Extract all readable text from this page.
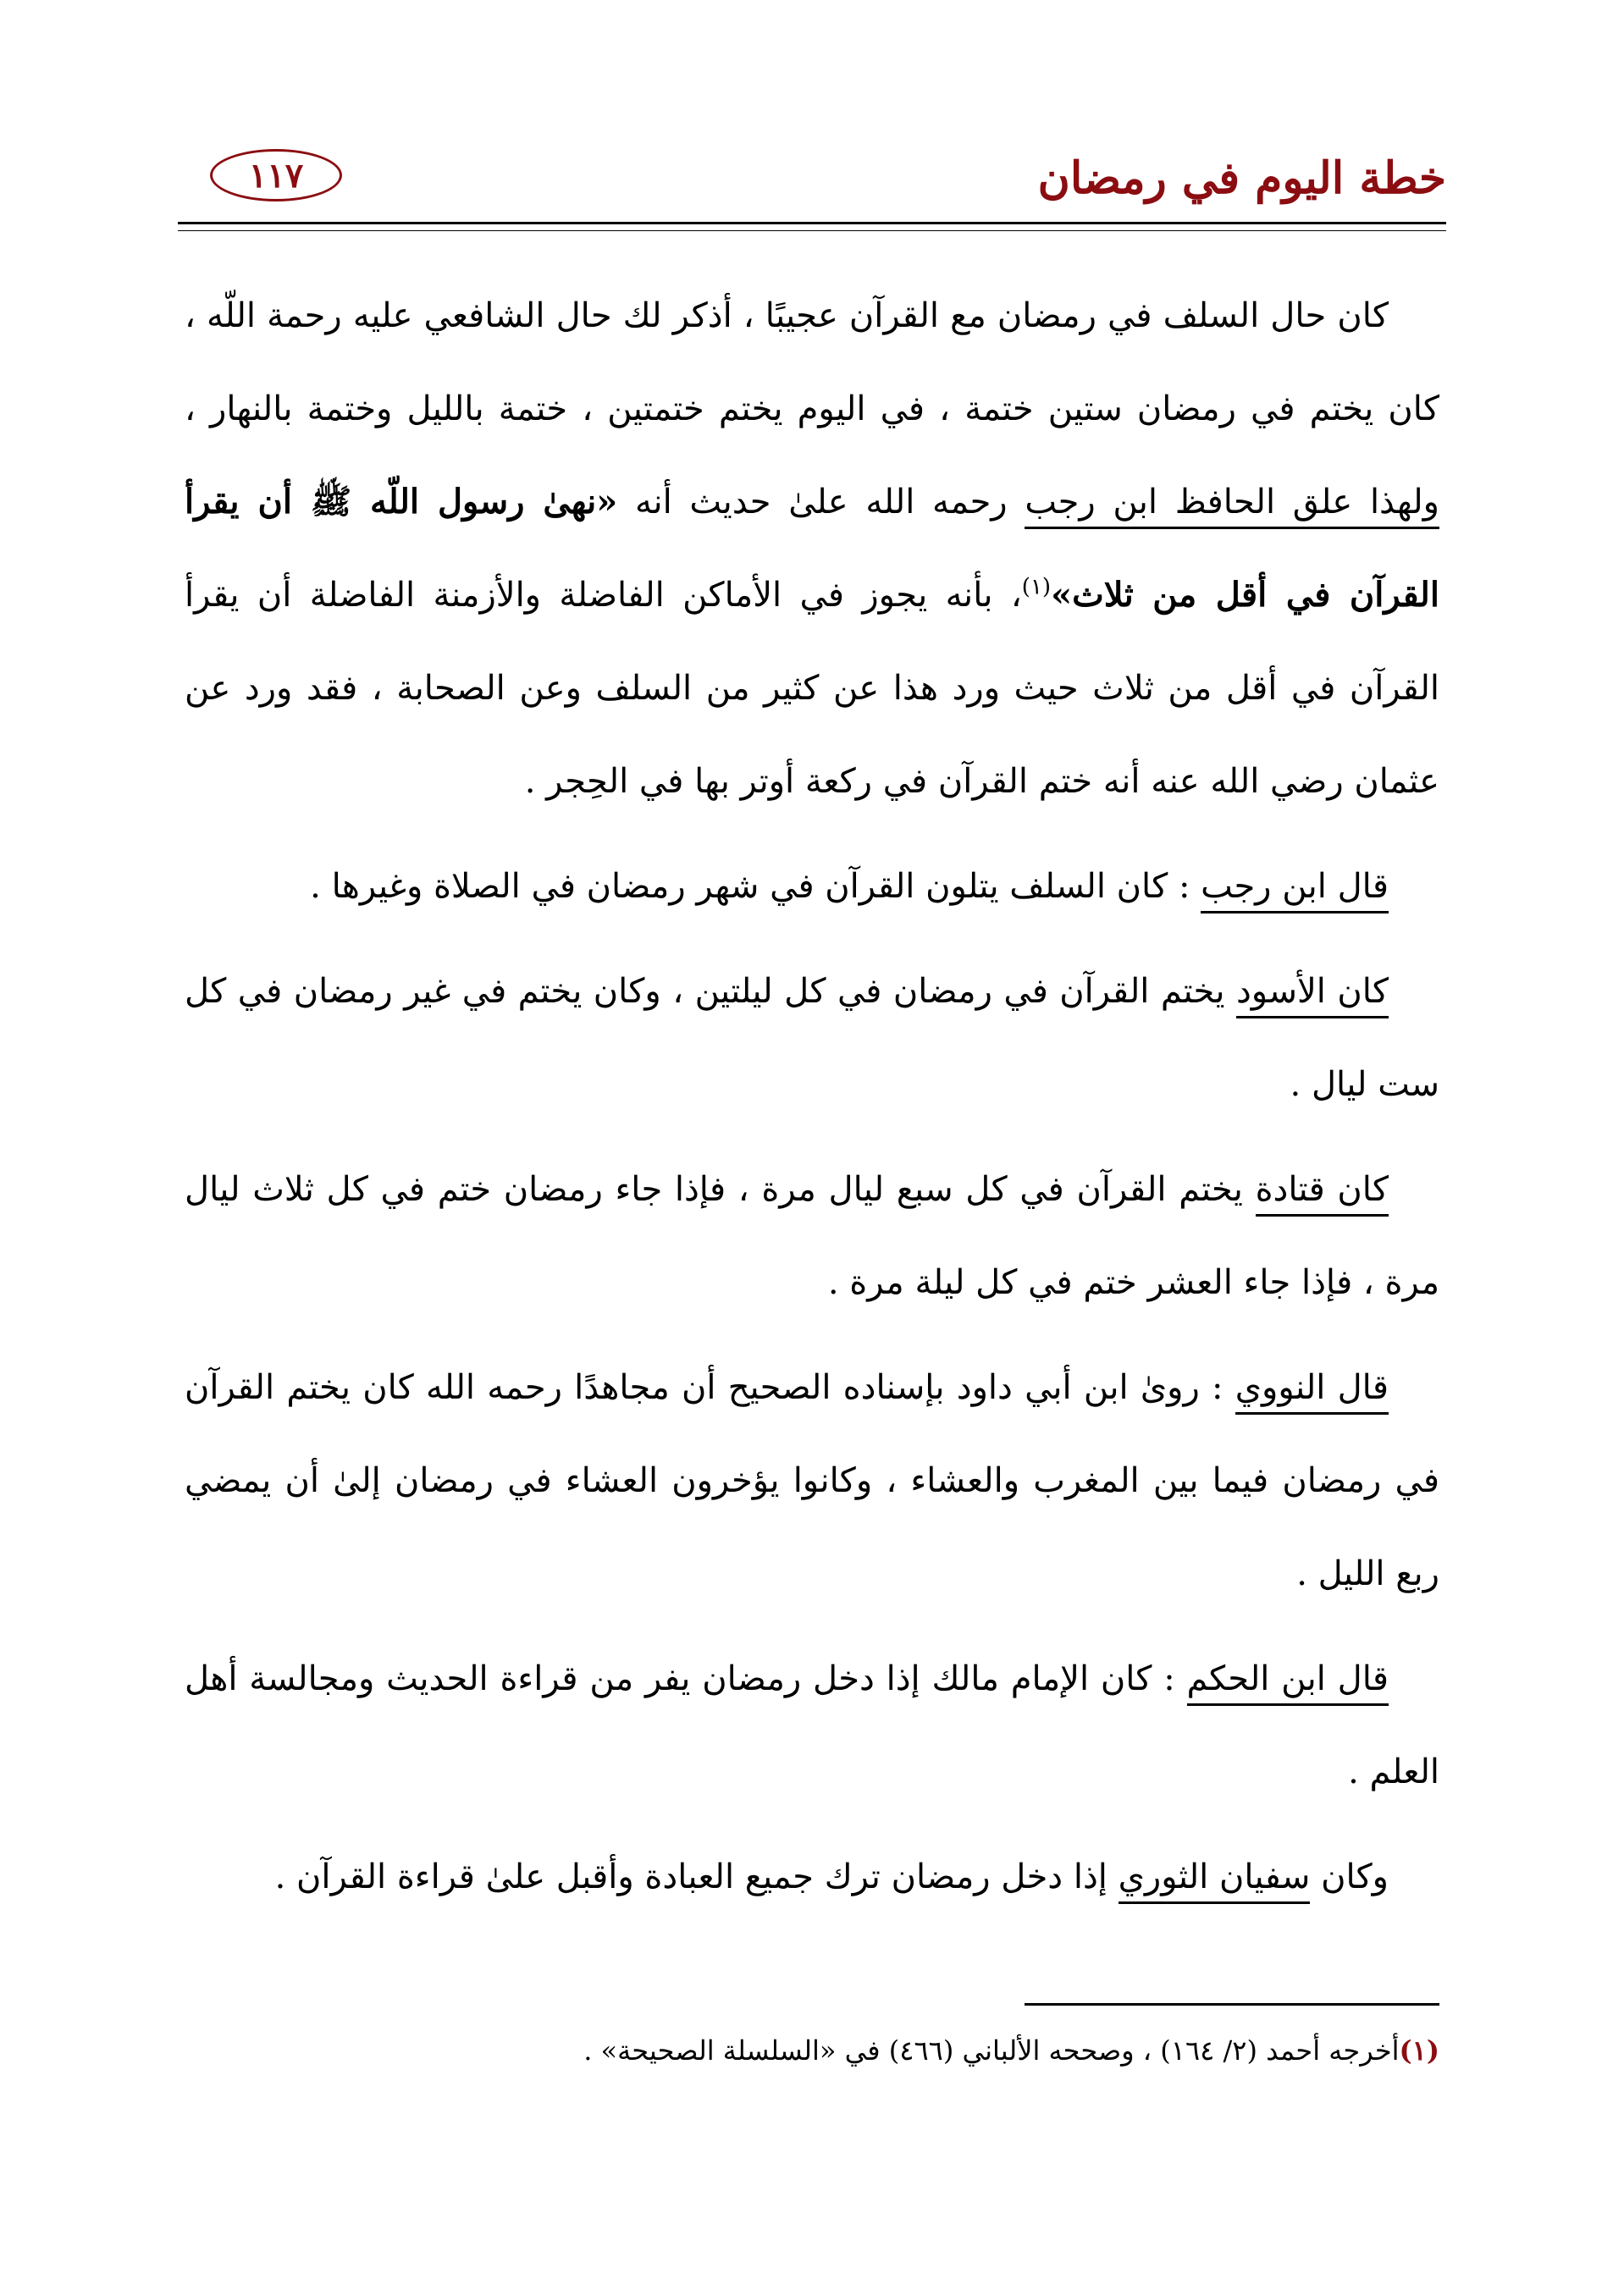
خطة اليوم في رمضان
١١٧

كان حال السلف في رمضان مع القرآن عجيبًا ، أذكر لك حال الشافعي عليه رحمة اللّه ، كان يختم في رمضان ستين ختمة ، في اليوم يختم ختمتين ، ختمة بالليل وختمة بالنهار ، ولهذا علق الحافظ ابن رجب رحمه الله علىٰ حديث أنه «نهىٰ رسول اللّه ﷺ أن يقرأ القرآن في أقل من ثلاث»$^{(١)}$، بأنه يجوز في الأماكن الفاضلة والأزمنة الفاضلة أن يقرأ القرآن في أقل من ثلاث حيث ورد هذا عن كثير من السلف وعن الصحابة ، فقد ورد عن عثمان رضي الله عنه أنه ختم القرآن في ركعة أوتر بها في الحِجر .

قال ابن رجب : كان السلف يتلون القرآن في شهر رمضان في الصلاة وغيرها .

كان الأسود يختم القرآن في رمضان في كل ليلتين ، وكان يختم في غير رمضان في كل ست ليال .

كان قتادة يختم القرآن في كل سبع ليال مرة ، فإذا جاء رمضان ختم في كل ثلاث ليال مرة ، فإذا جاء العشر ختم في كل ليلة مرة .

قال النووي : روىٰ ابن أبي داود بإسناده الصحيح أن مجاهدًا رحمه الله كان يختم القرآن في رمضان فيما بين المغرب والعشاء ، وكانوا يؤخرون العشاء في رمضان إلىٰ أن يمضي ربع الليل .

قال ابن الحكم : كان الإمام مالك إذا دخل رمضان يفر من قراءة الحديث ومجالسة أهل العلم .

وكان سفيان الثوري إذا دخل رمضان ترك جميع العبادة وأقبل علىٰ قراءة القرآن .

(١)أخرجه أحمد (٢/ ١٦٤) ، وصححه الألباني (٤٦٦) في «السلسلة الصحيحة» .
